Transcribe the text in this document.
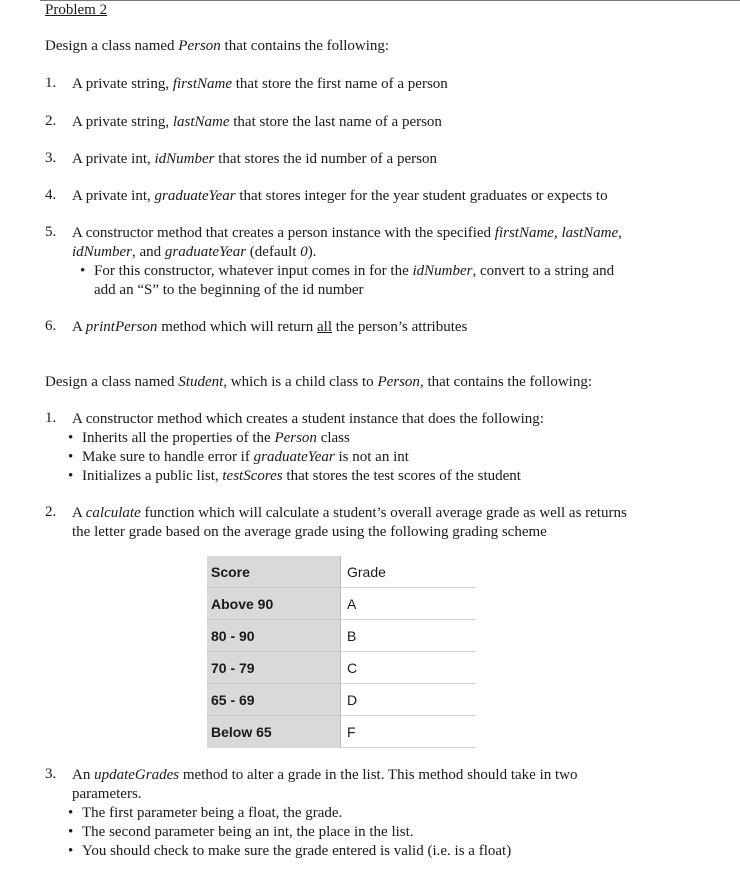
Problem 2
Design a class named Person that contains the following:
1. A private string, firstName that store the first name of a person
2. A private string, lastName that store the last name of a person
3. A private int, idNumber that stores the id number of a person
4. A private int, graduateYear that stores integer for the year student graduates or expects to
5. A constructor method that creates a person instance with the specified firstName, lastName,
idNumber, and graduateYear (default 0).
• For this constructor, whatever input comes in for the idNumber, convert to a string and
add an “S” to the beginning of the id number
6. A printPerson method which will return all the person’s attributes
Design a class named Student, which is a child class to Person, that contains the following:
1. A constructor method which creates a student instance that does the following:
• Inherits all the properties of the Person class
• Make sure to handle error if graduateYear is not an int
• Initializes a public list, testScores that stores the test scores of the student
2. A calculate function which will calculate a student’s overall average grade as well as returns
the letter grade based on the average grade using the following grading scheme
Score	Grade
Above 90	A
80 - 90	B
70 - 79	C
65 - 69	D
Below 65	F
3. An updateGrades method to alter a grade in the list. This method should take in two
parameters.
• The first parameter being a float, the grade.
• The second parameter being an int, the place in the list.
• You should check to make sure the grade entered is valid (i.e. is a float)
